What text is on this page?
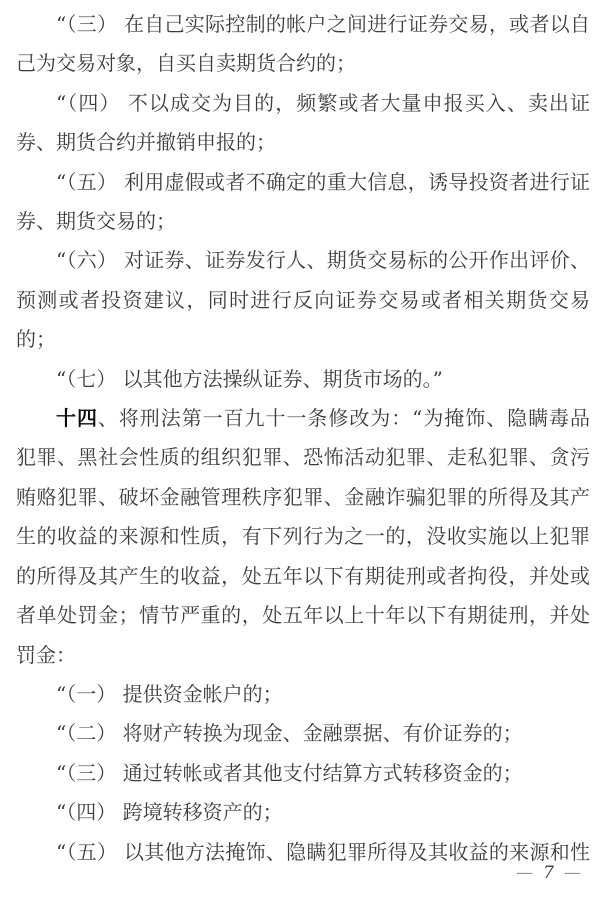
“（三） 在自己实际控制的帐户之间进行证券交易，或者以自
己为交易对象，自买自卖期货合约的；

“（四） 不以成交为目的，频繁或者大量申报买入、卖出证
券、期货合约并撤销申报的；

“（五） 利用虚假或者不确定的重大信息，诱导投资者进行证
券、期货交易的；

“（六） 对证券、证券发行人、期货交易标的公开作出评价、
预测或者投资建议，同时进行反向证券交易或者相关期货交易
的；

“（七） 以其他方法操纵证券、期货市场的。”

十四、将刑法第一百九十一条修改为：“为掩饰、隐瞒毒品
犯罪、黑社会性质的组织犯罪、恐怖活动犯罪、走私犯罪、贪污
贿赂犯罪、破坏金融管理秩序犯罪、金融诈骗犯罪的所得及其产
生的收益的来源和性质，有下列行为之一的，没收实施以上犯罪
的所得及其产生的收益，处五年以下有期徒刑或者拘役，并处或
者单处罚金；情节严重的，处五年以上十年以下有期徒刑，并处
罚金：

“（一） 提供资金帐户的；

“（二） 将财产转换为现金、金融票据、有价证券的；

“（三） 通过转帐或者其他支付结算方式转移资金的；

“（四） 跨境转移资产的；

“（五） 以其他方法掩饰、隐瞒犯罪所得及其收益的来源和性

— 7 —
